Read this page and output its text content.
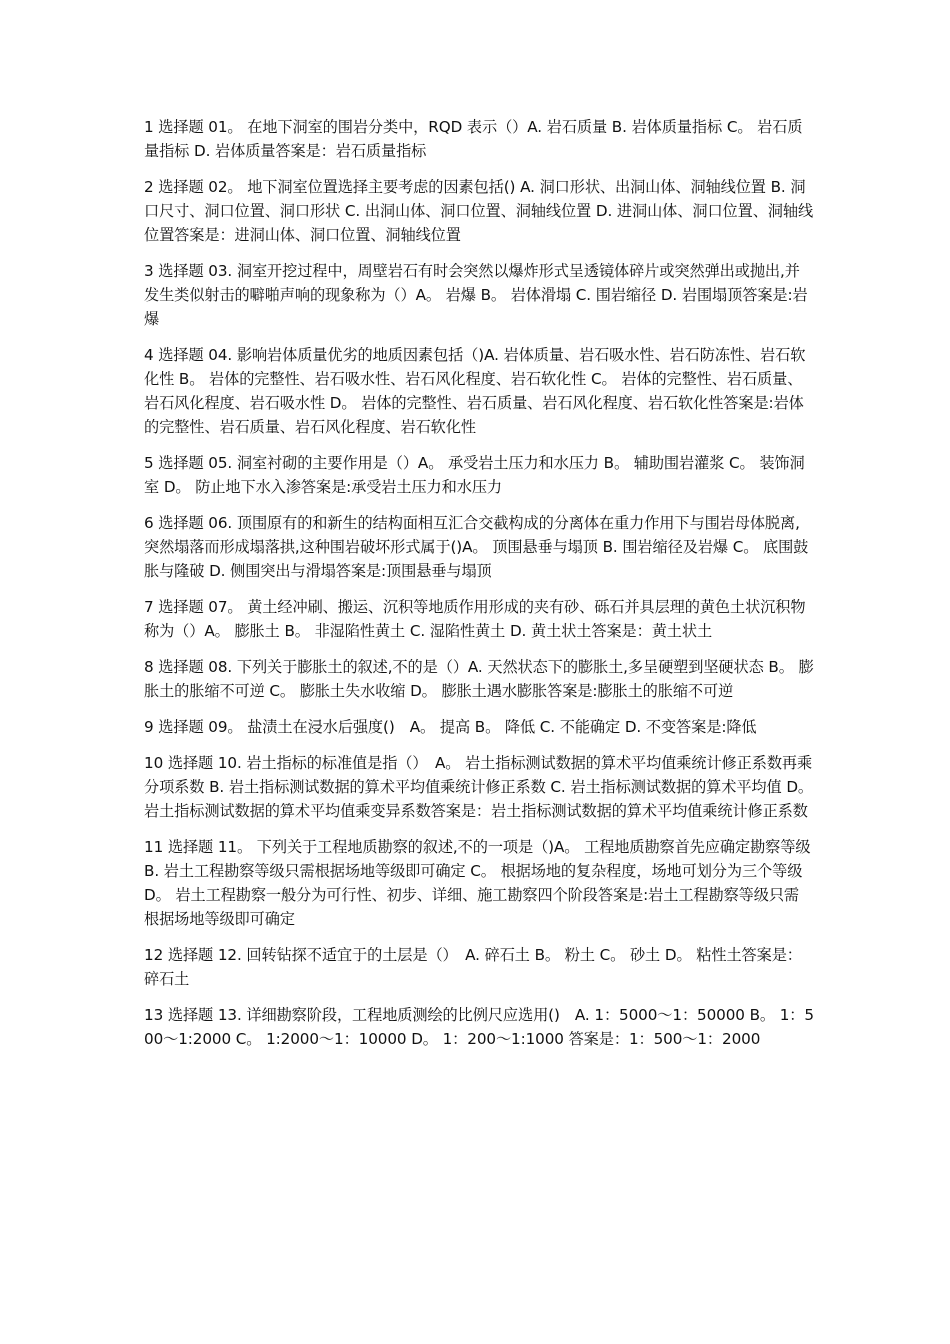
1 选择题 01。 在地下洞室的围岩分类中，RQD 表示（）A. 岩石质量 B. 岩体质量指标 C。 岩石质量指标 D. 岩体质量答案是：岩石质量指标

2 选择题 02。 地下洞室位置选择主要考虑的因素包括() A. 洞口形状、出洞山体、洞轴线位置 B. 洞口尺寸、洞口位置、洞口形状 C. 出洞山体、洞口位置、洞轴线位置 D. 进洞山体、洞口位置、洞轴线位置答案是：进洞山体、洞口位置、洞轴线位置

3 选择题 03. 洞室开挖过程中，周壁岩石有时会突然以爆炸形式呈透镜体碎片或突然弹出或抛出,并发生类似射击的噼啪声响的现象称为（）A。 岩爆 B。 岩体滑塌 C. 围岩缩径 D. 岩围塌顶答案是:岩爆

4 选择题 04. 影响岩体质量优劣的地质因素包括（)A. 岩体质量、岩石吸水性、岩石防冻性、岩石软化性 B。 岩体的完整性、岩石吸水性、岩石风化程度、岩石软化性 C。 岩体的完整性、岩石质量、岩石风化程度、岩石吸水性 D。 岩体的完整性、岩石质量、岩石风化程度、岩石软化性答案是:岩体的完整性、岩石质量、岩石风化程度、岩石软化性

5 选择题 05. 洞室衬砌的主要作用是（）A。 承受岩土压力和水压力 B。 辅助围岩灌浆 C。 装饰洞室 D。 防止地下水入渗答案是:承受岩土压力和水压力

6 选择题 06. 顶围原有的和新生的结构面相互汇合交截构成的分离体在重力作用下与围岩母体脱离,突然塌落而形成塌落拱,这种围岩破坏形式属于()A。 顶围悬垂与塌顶 B. 围岩缩径及岩爆 C。 底围鼓胀与隆破 D. 侧围突出与滑塌答案是:顶围悬垂与塌顶

7 选择题 07。 黄土经冲刷、搬运、沉积等地质作用形成的夹有砂、砾石并具层理的黄色土状沉积物称为（）A。 膨胀土 B。 非湿陷性黄土 C. 湿陷性黄土 D. 黄土状土答案是：黄土状土

8 选择题 08. 下列关于膨胀土的叙述,不的是（）A. 天然状态下的膨胀土,多呈硬塑到坚硬状态 B。 膨胀土的胀缩不可逆 C。 膨胀土失水收缩 D。 膨胀土遇水膨胀答案是:膨胀土的胀缩不可逆

9 选择题 09。 盐渍土在浸水后强度()　A。 提高 B。 降低 C. 不能确定 D. 不变答案是:降低

10 选择题 10. 岩土指标的标准值是指（）　A。 岩土指标测试数据的算术平均值乘统计修正系数再乘分项系数 B. 岩土指标测试数据的算术平均值乘统计修正系数 C. 岩土指标测试数据的算术平均值 D。 岩土指标测试数据的算术平均值乘变异系数答案是：岩土指标测试数据的算术平均值乘统计修正系数

11 选择题 11。 下列关于工程地质勘察的叙述,不的一项是（)A。 工程地质勘察首先应确定勘察等级 B. 岩土工程勘察等级只需根据场地等级即可确定 C。 根据场地的复杂程度，场地可划分为三个等级 D。 岩土工程勘察一般分为可行性、初步、详细、施工勘察四个阶段答案是:岩土工程勘察等级只需根据场地等级即可确定

12 选择题 12. 回转钻探不适宜于的土层是（）　A. 碎石土 B。 粉土 C。 砂土 D。 粘性土答案是：碎石土

13 选择题 13. 详细勘察阶段，工程地质测绘的比例尺应选用()　A. 1：5000～1：50000 B。 1：500～1:2000 C。 1:2000～1：10000 D。 1：200～1:1000 答案是：1：500～1：2000
